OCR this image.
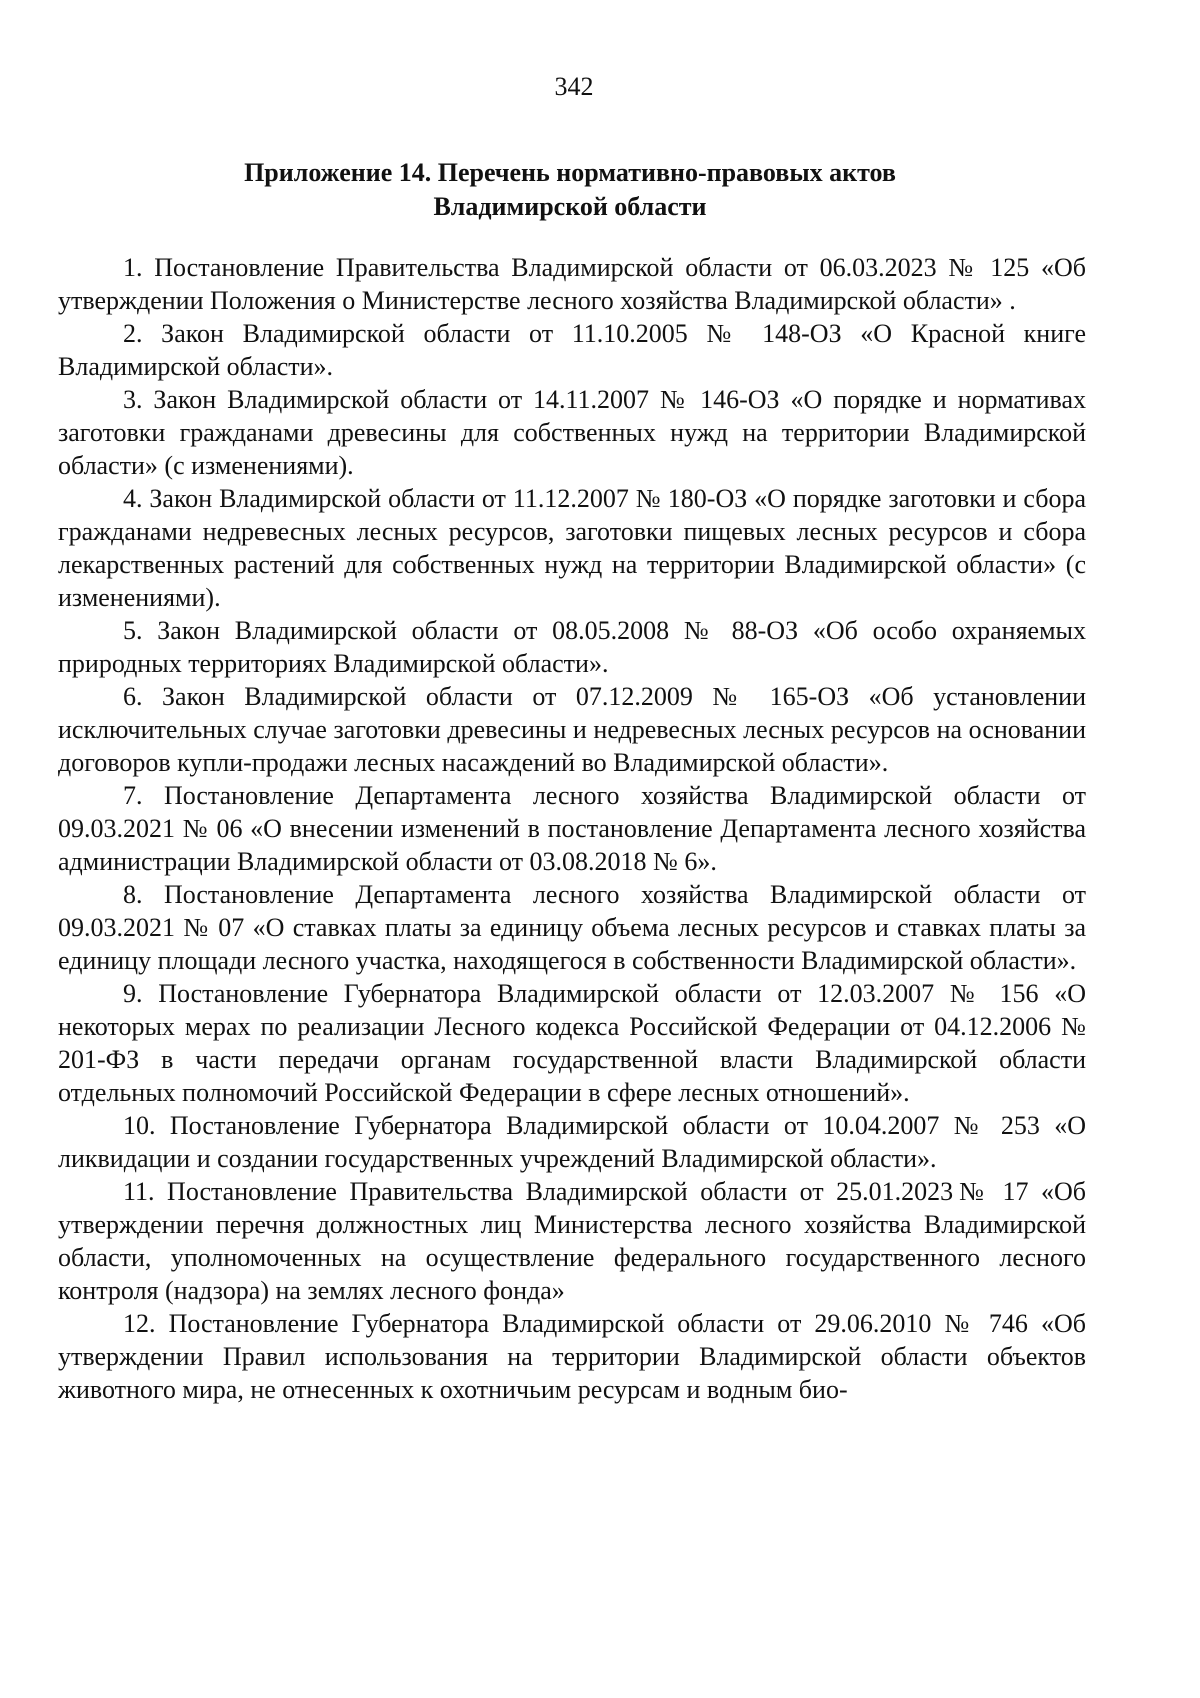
342
Приложение 14. Перечень нормативно-правовых актов
Владимирской области

1. Постановление Правительства Владимирской области от 06.03.2023 № 125 «Об утверждении Положения о Министерстве лесного хозяйства Владимирской области» .

2. Закон Владимирской области от 11.10.2005 № 148-ОЗ «О Красной книге Владимирской области».

3. Закон Владимирской области от 14.11.2007 № 146-ОЗ «О порядке и нормативах заготовки гражданами древесины для собственных нужд на территории Владимирской области» (с изменениями).

4. Закон Владимирской области от 11.12.2007 № 180-ОЗ «О порядке заготовки и сбора гражданами недревесных лесных ресурсов, заготовки пищевых лесных ресурсов и сбора лекарственных растений для собственных нужд на территории Владимирской области» (с изменениями).

5. Закон Владимирской области от 08.05.2008 № 88-ОЗ «Об особо охраняемых природных территориях Владимирской области».

6. Закон Владимирской области от 07.12.2009 № 165-ОЗ «Об установлении исключительных случае заготовки древесины и недревесных лесных ресурсов на основании договоров купли-продажи лесных насаждений во Владимирской области».

7. Постановление Департамента лесного хозяйства Владимирской области от 09.03.2021 № 06 «О внесении изменений в постановление Департамента лесного хозяйства администрации Владимирской области от 03.08.2018 № 6».

8. Постановление Департамента лесного хозяйства Владимирской области от 09.03.2021 № 07 «О ставках платы за единицу объема лесных ресурсов и ставках платы за единицу площади лесного участка, находящегося в собственности Владимирской области».

9. Постановление Губернатора Владимирской области от 12.03.2007 № 156 «О некоторых мерах по реализации Лесного кодекса Российской Федерации от 04.12.2006 № 201-ФЗ в части передачи органам государственной власти Владимирской области отдельных полномочий Российской Федерации в сфере лесных отношений».

10. Постановление Губернатора Владимирской области от 10.04.2007 № 253 «О ликвидации и создании государственных учреждений Владимирской области».

11. Постановление Правительства Владимирской области от 25.01.2023№ 17 «Об утверждении перечня должностных лиц Министерства лесного хозяйства Владимирской области, уполномоченных на осуществление федерального государственного лесного контроля (надзора) на землях лесного фонда»

12. Постановление Губернатора Владимирской области от 29.06.2010 № 746 «Об утверждении Правил использования на территории Владимирской области объектов животного мира, не отнесенных к охотничьим ресурсам и водным био-
